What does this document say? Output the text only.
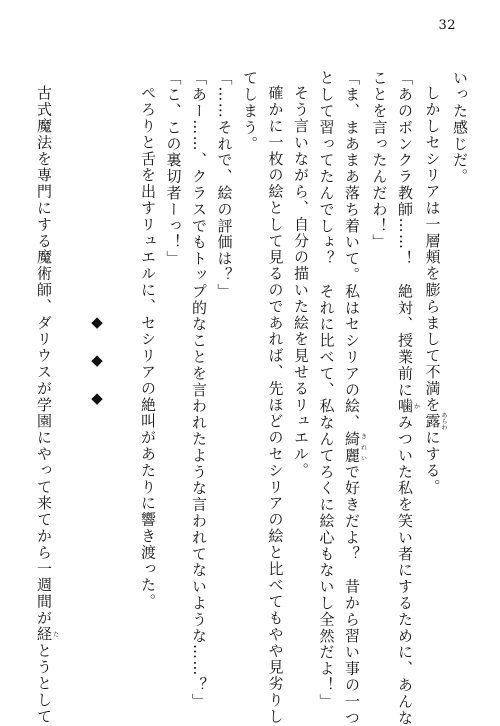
32
いった感じだ。
しかしセシリアは一層頬を膨らまして不満を露あらわにする。
「あのボンクラ教師……！　絶対、授業前に噛かみついた私を笑い者にするために、あんな
ことを言ったんだわ！」
「ま、まあまあ落ち着いて。私はセシリアの絵、綺麗きれいで好きだよ？　昔から習い事の一つ
として習ってたんでしょ？　それに比べて、私なんてろくに絵心もないし全然だよ！」
そう言いながら、自分の描いた絵を見せるリュエル。
確かに一枚の絵として見るのであれば、先ほどのセシリアの絵と比べてもやや見劣りし
てしまう。
「……それで、絵の評価は？」
「あー……、クラスでもトップ的なことを言われたような言われてないような……？」
「こ、この裏切者ーっ！」
ぺろりと舌を出すリュエルに、セシリアの絶叫があたりに響き渡った。

◆◆◆

古式魔法を専門にする魔術師、ダリウスが学園にやって来てから一週間が経たとうとして
